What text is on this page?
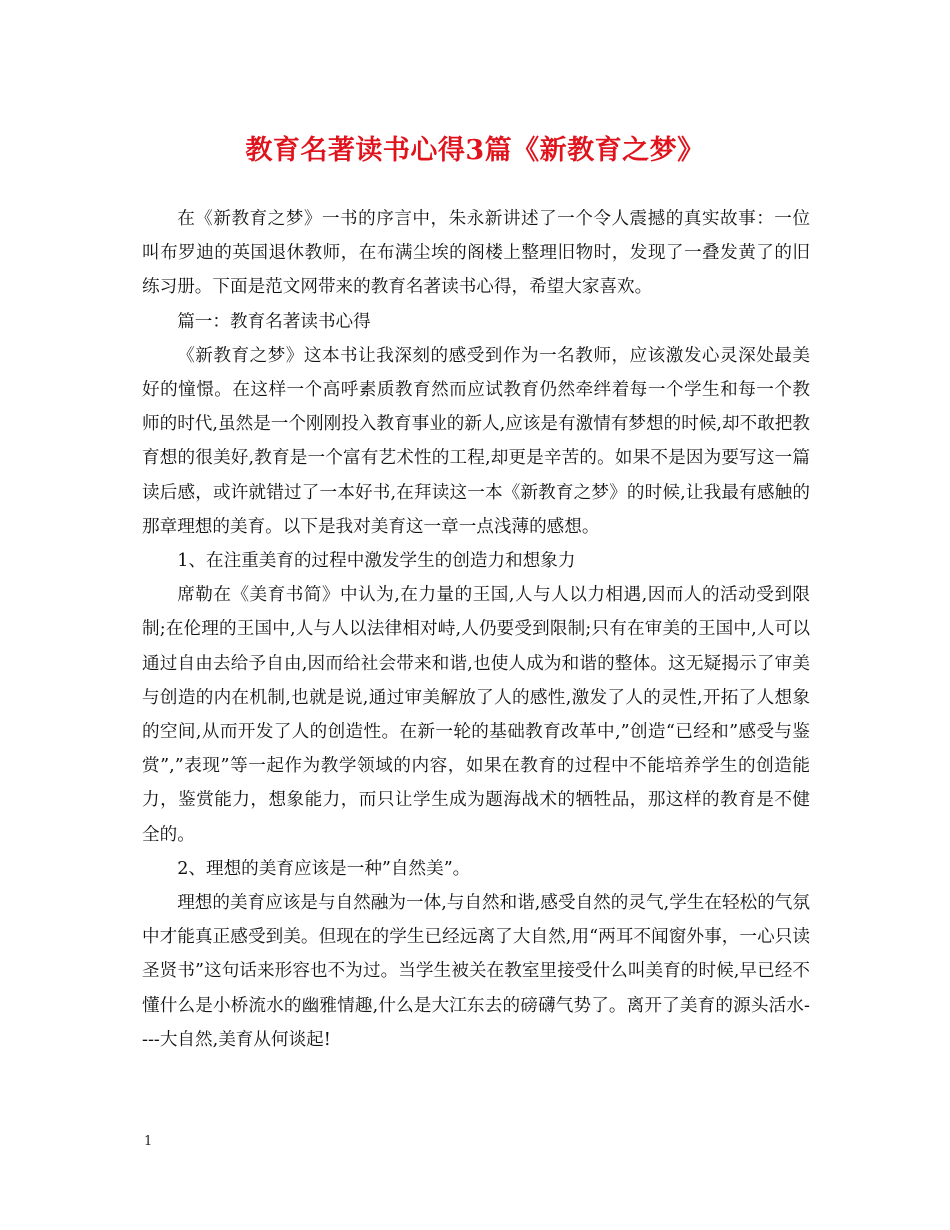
教育名著读书心得3篇《新教育之梦》

在《新教育之梦》一书的序言中，朱永新讲述了一个令人震撼的真实故事：一位叫布罗迪的英国退休教师，在布满尘埃的阁楼上整理旧物时，发现了一叠发黄了的旧练习册。下面是范文网带来的教育名著读书心得，希望大家喜欢。

篇一：教育名著读书心得

《新教育之梦》这本书让我深刻的感受到作为一名教师，应该激发心灵深处最美好的憧憬。在这样一个高呼素质教育然而应试教育仍然牵绊着每一个学生和每一个教师的时代,虽然是一个刚刚投入教育事业的新人,应该是有激情有梦想的时候,却不敢把教育想的很美好,教育是一个富有艺术性的工程,却更是辛苦的。如果不是因为要写这一篇读后感，或许就错过了一本好书,在拜读这一本《新教育之梦》的时候,让我最有感触的那章理想的美育。以下是我对美育这一章一点浅薄的感想。

1、在注重美育的过程中激发学生的创造力和想象力

席勒在《美育书简》中认为,在力量的王国,人与人以力相遇,因而人的活动受到限制;在伦理的王国中,人与人以法律相对峙,人仍要受到限制;只有在审美的王国中,人可以通过自由去给予自由,因而给社会带来和谐,也使人成为和谐的整体。这无疑揭示了审美与创造的内在机制,也就是说,通过审美解放了人的感性,激发了人的灵性,开拓了人想象的空间,从而开发了人的创造性。在新一轮的基础教育改革中,”创造“已经和”感受与鉴赏”,”表现”等一起作为教学领域的内容，如果在教育的过程中不能培养学生的创造能力，鉴赏能力，想象能力，而只让学生成为题海战术的牺牲品，那这样的教育是不健全的。

2、理想的美育应该是一种”自然美”。

理想的美育应该是与自然融为一体,与自然和谐,感受自然的灵气,学生在轻松的气氛中才能真正感受到美。但现在的学生已经远离了大自然,用“两耳不闻窗外事，一心只读圣贤书”这句话来形容也不为过。当学生被关在教室里接受什么叫美育的时候,早已经不懂什么是小桥流水的幽雅情趣,什么是大江东去的磅礴气势了。离开了美育的源头活水----大自然,美育从何谈起!

1
